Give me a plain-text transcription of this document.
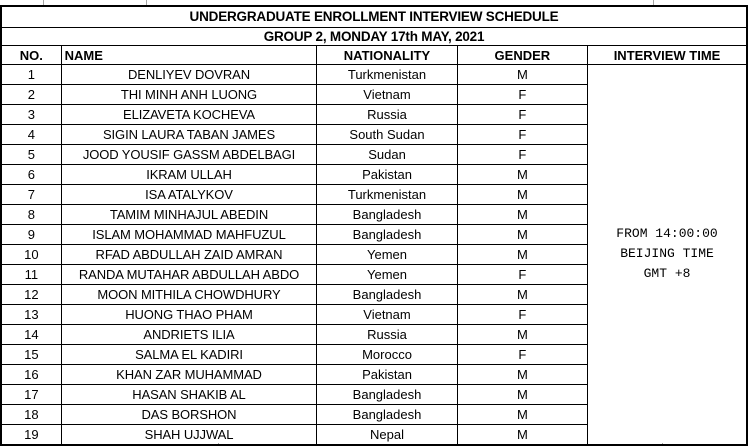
UNDERGRADUATE ENROLLMENT INTERVIEW SCHEDULE				
GROUP 2, MONDAY 17th MAY, 2021				
NO.	NAME	NATIONALITY	GENDER	INTERVIEW TIME
1	DENLIYEV DOVRAN	Turkmenistan	M	FROM 14:00:00
BEIJING TIME
GMT +8

2	THI MINH ANH LUONG	Vietnam	F	
3	ELIZAVETA KOCHEVA	Russia	F	
4	SIGIN LAURA TABAN JAMES	South Sudan	F	
5	JOOD YOUSIF GASSM ABDELBAGI	Sudan	F	
6	IKRAM ULLAH	Pakistan	M	
7	ISA ATALYKOV	Turkmenistan	M	
8	TAMIM MINHAJUL ABEDIN	Bangladesh	M	
9	ISLAM MOHAMMAD MAHFUZUL	Bangladesh	M	
10	RFAD ABDULLAH ZAID AMRAN	Yemen	M	
11	RANDA MUTAHAR ABDULLAH ABDO	Yemen	F	
12	MOON MITHILA CHOWDHURY	Bangladesh	M	
13	HUONG THAO PHAM	Vietnam	F	
14	ANDRIETS ILIA	Russia	M	
15	SALMA EL KADIRI	Morocco	F	
16	KHAN ZAR MUHAMMAD	Pakistan	M	
17	HASAN SHAKIB AL	Bangladesh	M	
18	DAS BORSHON	Bangladesh	M	
19	SHAH UJJWAL	Nepal	M	
